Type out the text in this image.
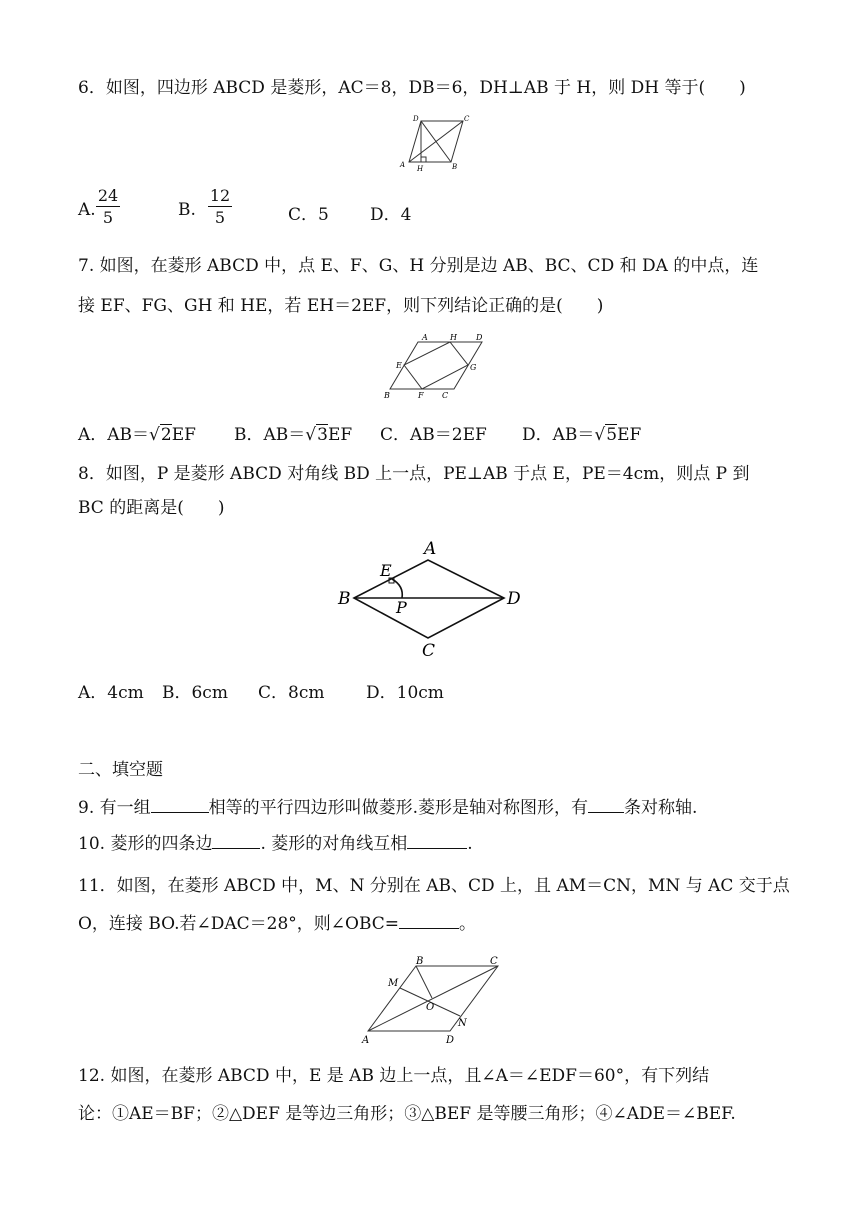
6．如图，四边形 ABCD 是菱形，AC＝8，DB＝6，DH⊥AB 于 H，则 DH 等于(　　)
D	C
A H	B
A.
24
5	B.
12
5	C．5 D．4
7. 如图，在菱形 ABCD 中，点 E、F、G、H 分别是边 AB、BC、CD 和 DA 的中点，连
接 EF、FG、GH 和 HE，若 EH＝2EF，则下列结论正确的是(　　)
A	H D
E	G
B	F C
A．AB＝√2EF B．AB＝√3EF C．AB＝2EF D．AB＝√5EF
8．如图，P 是菱形 ABCD 对角线 BD 上一点，PE⊥AB 于点 E，PE＝4cm，则点 P 到
BC 的距离是(　　)
A
B	D
C
E
P
A．4cm B．6cm C．8cm D．10cm
二、填空题
9. 有一组	相等的平行四边形叫做菱形.菱形是轴对称图形，有 条对称轴.
10. 菱形的四条边	. 菱形的对角线互相	.
11．如图，在菱形 ABCD 中，M、N 分别在 AB、CD 上，且 AM＝CN，MN 与 AC 交于点
O，连接 BO.若∠DAC＝28°，则∠OBC=	。
B	C
M
O
N
A	D
12. 如图，在菱形 ABCD 中，E 是 AB 边上一点，且∠A＝∠EDF＝60°，有下列结
论：①AE＝BF；②△DEF 是等边三角形；③△BEF 是等腰三角形；④∠ADE＝∠BEF.
